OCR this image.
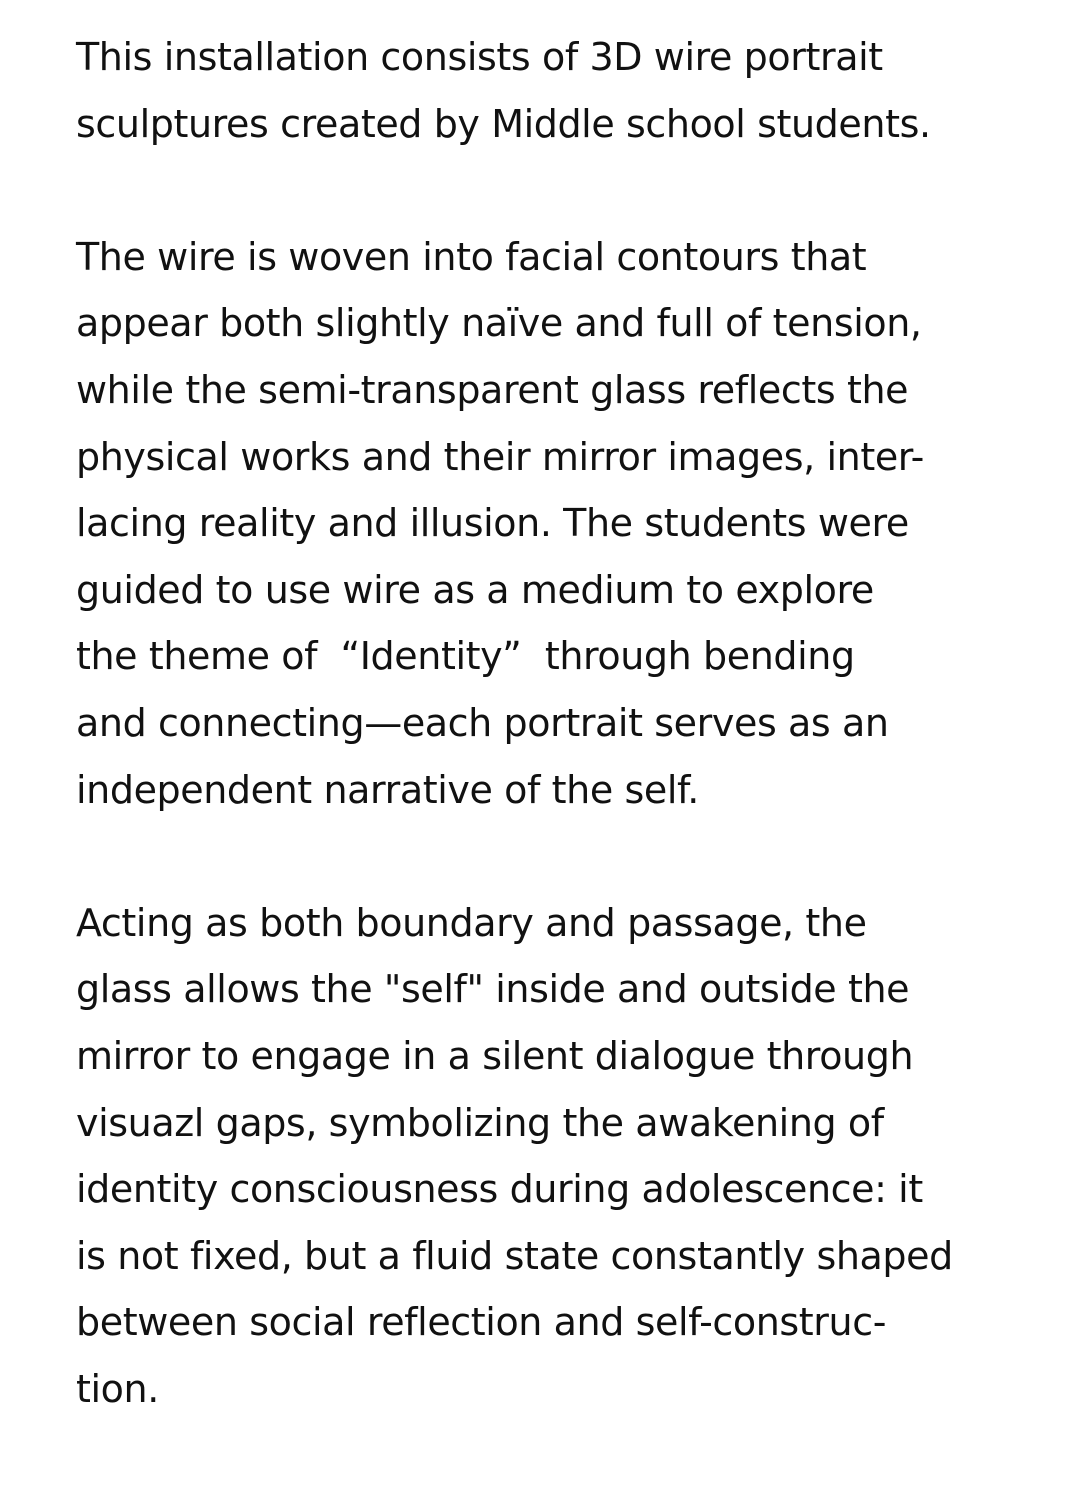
This installation consists of 3D wire portrait
sculptures created by Middle school students.
The wire is woven into facial contours that
appear both slightly naïve and full of tension,
while the semi-transparent glass reflects the
physical works and their mirror images, inter-
lacing reality and illusion. The students were
guided to use wire as a medium to explore
the theme of  “Identity”  through bending
and connecting—each portrait serves as an
independent narrative of the self.
Acting as both boundary and passage, the
glass allows the "self" inside and outside the
mirror to engage in a silent dialogue through
visuazl gaps, symbolizing the awakening of
identity consciousness during adolescence: it
is not fixed, but a fluid state constantly shaped
between social reflection and self-construc-
tion.
